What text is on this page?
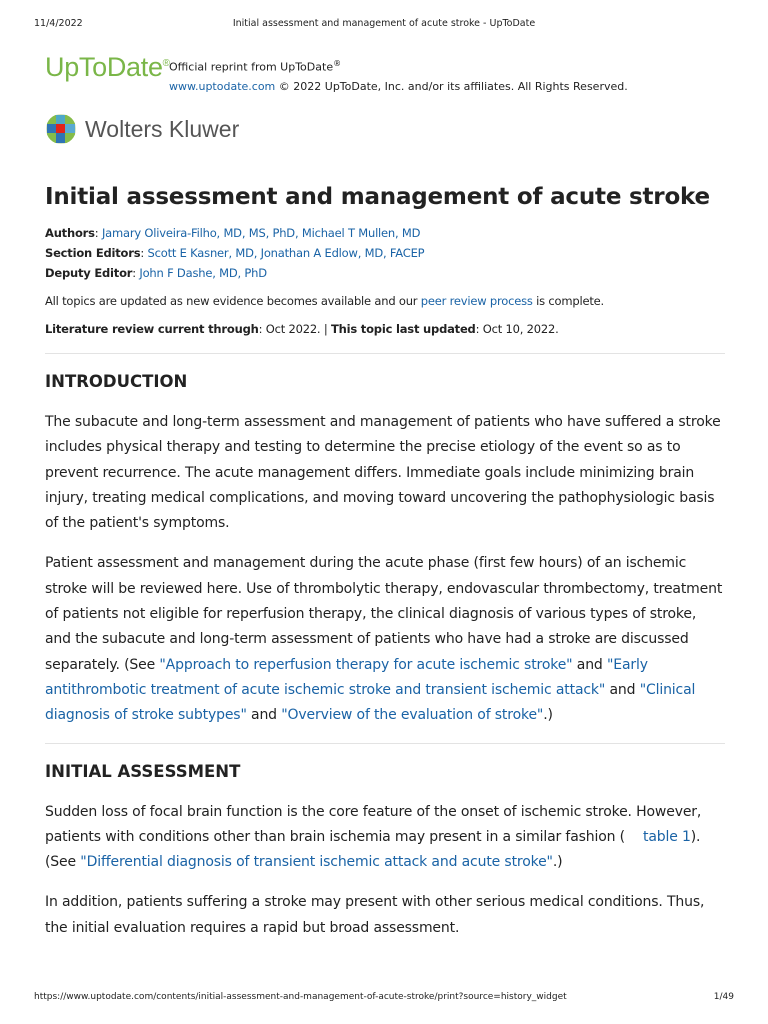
11/4/2022	Initial assessment and management of acute stroke - UpToDate
UpToDate® Official reprint from UpToDate®
www.uptodate.com © 2022 UpToDate, Inc. and/or its affiliates. All Rights Reserved.
Wolters Kluwer
Initial assessment and management of acute stroke
Authors: Jamary Oliveira-Filho, MD, MS, PhD, Michael T Mullen, MD
Section Editors: Scott E Kasner, MD, Jonathan A Edlow, MD, FACEP
Deputy Editor: John F Dashe, MD, PhD
All topics are updated as new evidence becomes available and our peer review process is complete.
Literature review current through: Oct 2022. | This topic last updated: Oct 10, 2022.
INTRODUCTION

The subacute and long-term assessment and management of patients who have suffered a stroke includes physical therapy and testing to determine the precise etiology of the event so as to prevent recurrence. The acute management differs. Immediate goals include minimizing brain injury, treating medical complications, and moving toward uncovering the pathophysiologic basis of the patient's symptoms.

Patient assessment and management during the acute phase (first few hours) of an ischemic stroke will be reviewed here. Use of thrombolytic therapy, endovascular thrombectomy, treatment of patients not eligible for reperfusion therapy, the clinical diagnosis of various types of stroke, and the subacute and long-term assessment of patients who have had a stroke are discussed separately. (See "Approach to reperfusion therapy for acute ischemic stroke" and "Early antithrombotic treatment of acute ischemic stroke and transient ischemic attack" and "Clinical diagnosis of stroke subtypes" and "Overview of the evaluation of stroke".)

INITIAL ASSESSMENT

Sudden loss of focal brain function is the core feature of the onset of ischemic stroke. However, patients with conditions other than brain ischemia may present in a similar fashion ( table 1). (See "Differential diagnosis of transient ischemic attack and acute stroke".)

In addition, patients suffering a stroke may present with other serious medical conditions. Thus, the initial evaluation requires a rapid but broad assessment.

https://www.uptodate.com/contents/initial-assessment-and-management-of-acute-stroke/print?source=history_widget	1/49
